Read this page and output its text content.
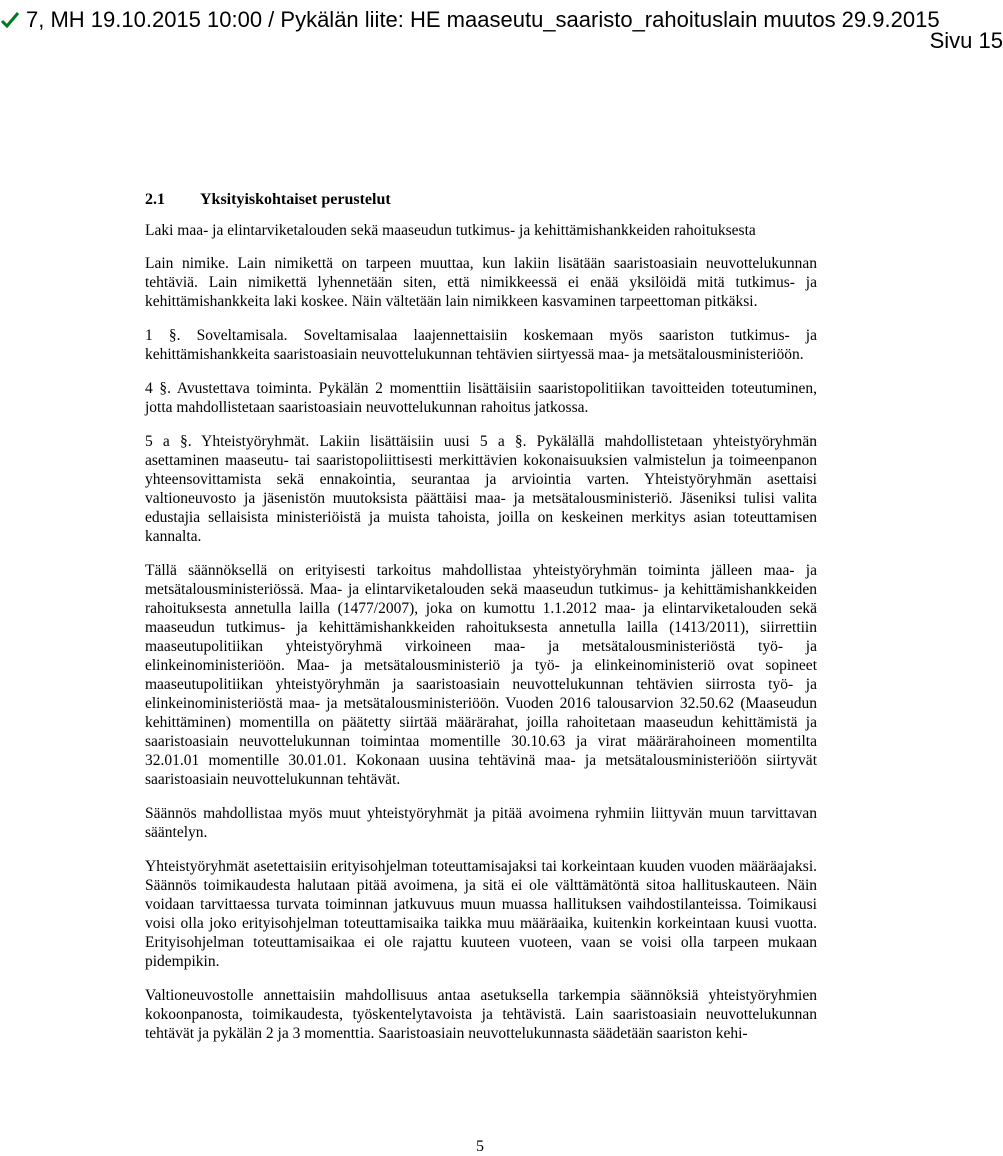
7, MH 19.10.2015 10:00 / Pykälän liite: HE maaseutu_saaristo_rahoituslain muutos 29.9.2015
Sivu 15
2.1 Yksityiskohtaiset perustelut

Laki maa- ja elintarviketalouden sekä maaseudun tutkimus- ja kehittämishankkeiden rahoituksesta

Lain nimike. Lain nimikettä on tarpeen muuttaa, kun lakiin lisätään saaristoasiain neuvottelukunnan tehtäviä. Lain nimikettä lyhennetään siten, että nimikkeessä ei enää yksilöidä mitä tutkimus- ja kehittämishankkeita laki koskee. Näin vältetään lain nimikkeen kasvaminen tarpeettoman pitkäksi.

1 §. Soveltamisala. Soveltamisalaa laajennettaisiin koskemaan myös saariston tutkimus- ja kehittämishankkeita saaristoasiain neuvottelukunnan tehtävien siirtyessä maa- ja metsätalousministeriöön.

4 §. Avustettava toiminta. Pykälän 2 momenttiin lisättäisiin saaristopolitiikan tavoitteiden toteutuminen, jotta mahdollistetaan saaristoasiain neuvottelukunnan rahoitus jatkossa.

5 a §. Yhteistyöryhmät. Lakiin lisättäisiin uusi 5 a §. Pykälällä mahdollistetaan yhteistyöryhmän asettaminen maaseutu- tai saaristopoliittisesti merkittävien kokonaisuuksien valmistelun ja toimeenpanon yhteensovittamista sekä ennakointia, seurantaa ja arviointia varten. Yhteistyöryhmän asettaisi valtioneuvosto ja jäsenistön muutoksista päättäisi maa- ja metsätalousministeriö. Jäseniksi tulisi valita edustajia sellaisista ministeriöistä ja muista tahoista, joilla on keskeinen merkitys asian toteuttamisen kannalta.

Tällä säännöksellä on erityisesti tarkoitus mahdollistaa yhteistyöryhmän toiminta jälleen maa- ja metsätalousministeriössä. Maa- ja elintarviketalouden sekä maaseudun tutkimus- ja kehittämishankkeiden rahoituksesta annetulla lailla (1477/2007), joka on kumottu 1.1.2012 maa- ja elintarviketalouden sekä maaseudun tutkimus- ja kehittämishankkeiden rahoituksesta annetulla lailla (1413/2011), siirrettiin maaseutupolitiikan yhteistyöryhmä virkoineen maa- ja metsätalousministeriöstä työ- ja elinkeinoministeriöön. Maa- ja metsätalousministeriö ja työ- ja elinkeinoministeriö ovat sopineet maaseutupolitiikan yhteistyöryhmän ja saaristoasiain neuvottelukunnan tehtävien siirrosta työ- ja elinkeinoministeriöstä maa- ja metsätalousministeriöön. Vuoden 2016 talousarvion 32.50.62 (Maaseudun kehittäminen) momentilla on päätetty siirtää määrärahat, joilla rahoitetaan maaseudun kehittämistä ja saaristoasiain neuvottelukunnan toimintaa momentille 30.10.63 ja virat määrärahoineen momentilta 32.01.01 momentille 30.01.01. Kokonaan uusina tehtävinä maa- ja metsätalousministeriöön siirtyvät saaristoasiain neuvottelukunnan tehtävät.

Säännös mahdollistaa myös muut yhteistyöryhmät ja pitää avoimena ryhmiin liittyvän muun tarvittavan sääntelyn.

Yhteistyöryhmät asetettaisiin erityisohjelman toteuttamisajaksi tai korkeintaan kuuden vuoden määräajaksi. Säännös toimikaudesta halutaan pitää avoimena, ja sitä ei ole välttämätöntä sitoa hallituskauteen. Näin voidaan tarvittaessa turvata toiminnan jatkuvuus muun muassa hallituksen vaihdostilanteissa. Toimikausi voisi olla joko erityisohjelman toteuttamisaika taikka muu määräaika, kuitenkin korkeintaan kuusi vuotta. Erityisohjelman toteuttamisaikaa ei ole rajattu kuuteen vuoteen, vaan se voisi olla tarpeen mukaan pidempikin.

Valtioneuvostolle annettaisiin mahdollisuus antaa asetuksella tarkempia säännöksiä yhteistyöryhmien kokoonpanosta, toimikaudesta, työskentelytavoista ja tehtävistä. Lain saaristoasiain neuvottelukunnan tehtävät ja pykälän 2 ja 3 momenttia. Saaristoasiain neuvottelukunnasta säädetään saariston kehi-

5
